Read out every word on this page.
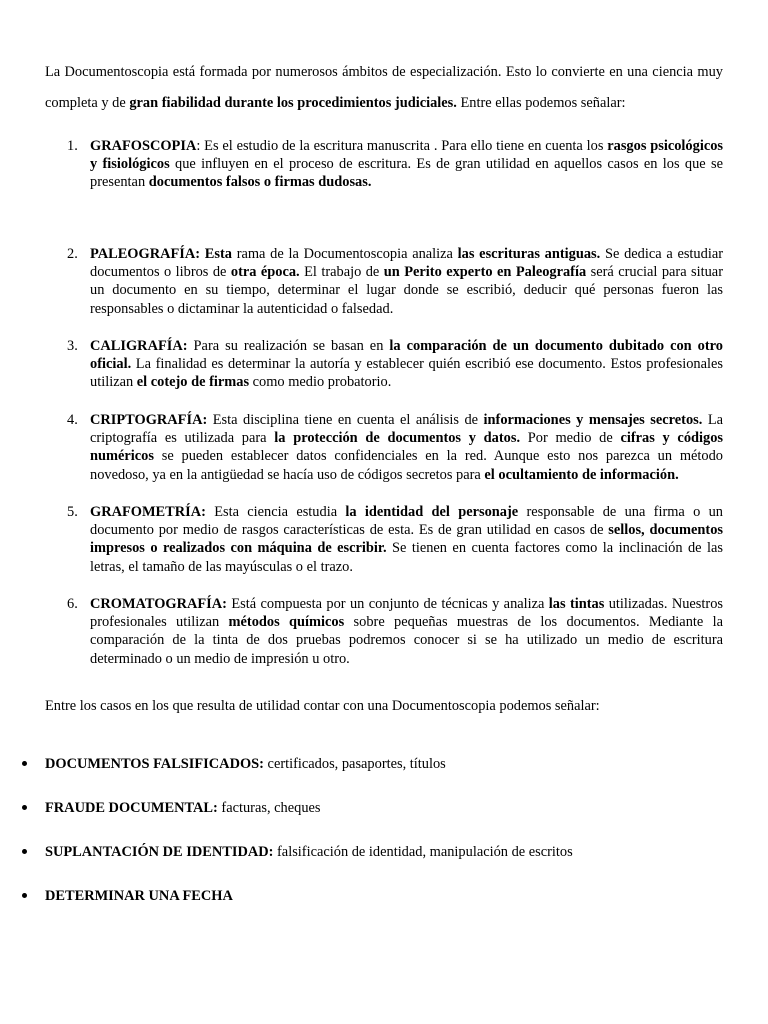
La Documentoscopia está formada por numerosos ámbitos de especialización. Esto lo convierte en una ciencia muy completa y de gran fiabilidad durante los procedimientos judiciales. Entre ellas podemos señalar:

1. GRAFOSCOPIA: Es el estudio de la escritura manuscrita . Para ello tiene en cuenta los rasgos psicológicos y fisiológicos que influyen en el proceso de escritura. Es de gran utilidad en aquellos casos en los que se presentan documentos falsos o firmas dudosas.

2. PALEOGRAFÍA: Esta rama de la Documentoscopia analiza las escrituras antiguas. Se dedica a estudiar documentos o libros de otra época. El trabajo de un Perito experto en Paleografía será crucial para situar un documento en su tiempo, determinar el lugar donde se escribió, deducir qué personas fueron las responsables o dictaminar la autenticidad o falsedad.

3. CALIGRAFÍA: Para su realización se basan en la comparación de un documento dubitado con otro oficial. La finalidad es determinar la autoría y establecer quién escribió ese documento. Estos profesionales utilizan el cotejo de firmas como medio probatorio.

4. CRIPTOGRAFÍA: Esta disciplina tiene en cuenta el análisis de informaciones y mensajes secretos. La criptografía es utilizada para la protección de documentos y datos. Por medio de cifras y códigos numéricos se pueden establecer datos confidenciales en la red. Aunque esto nos parezca un método novedoso, ya en la antigüedad se hacía uso de códigos secretos para el ocultamiento de información.

5. GRAFOMETRÍA: Esta ciencia estudia la identidad del personaje responsable de una firma o un documento por medio de rasgos características de esta. Es de gran utilidad en casos de sellos, documentos impresos o realizados con máquina de escribir. Se tienen en cuenta factores como la inclinación de las letras, el tamaño de las mayúsculas o el trazo.

6. CROMATOGRAFÍA: Está compuesta por un conjunto de técnicas y analiza las tintas utilizadas. Nuestros profesionales utilizan métodos químicos sobre pequeñas muestras de los documentos. Mediante la comparación de la tinta de dos pruebas podremos conocer si se ha utilizado un medio de escritura determinado o un medio de impresión u otro.

Entre los casos en los que resulta de utilidad contar con una Documentoscopia podemos señalar:

DOCUMENTOS FALSIFICADOS: certificados, pasaportes, títulos

FRAUDE DOCUMENTAL: facturas, cheques

SUPLANTACIÓN DE IDENTIDAD: falsificación de identidad, manipulación de escritos

DETERMINAR UNA FECHA
